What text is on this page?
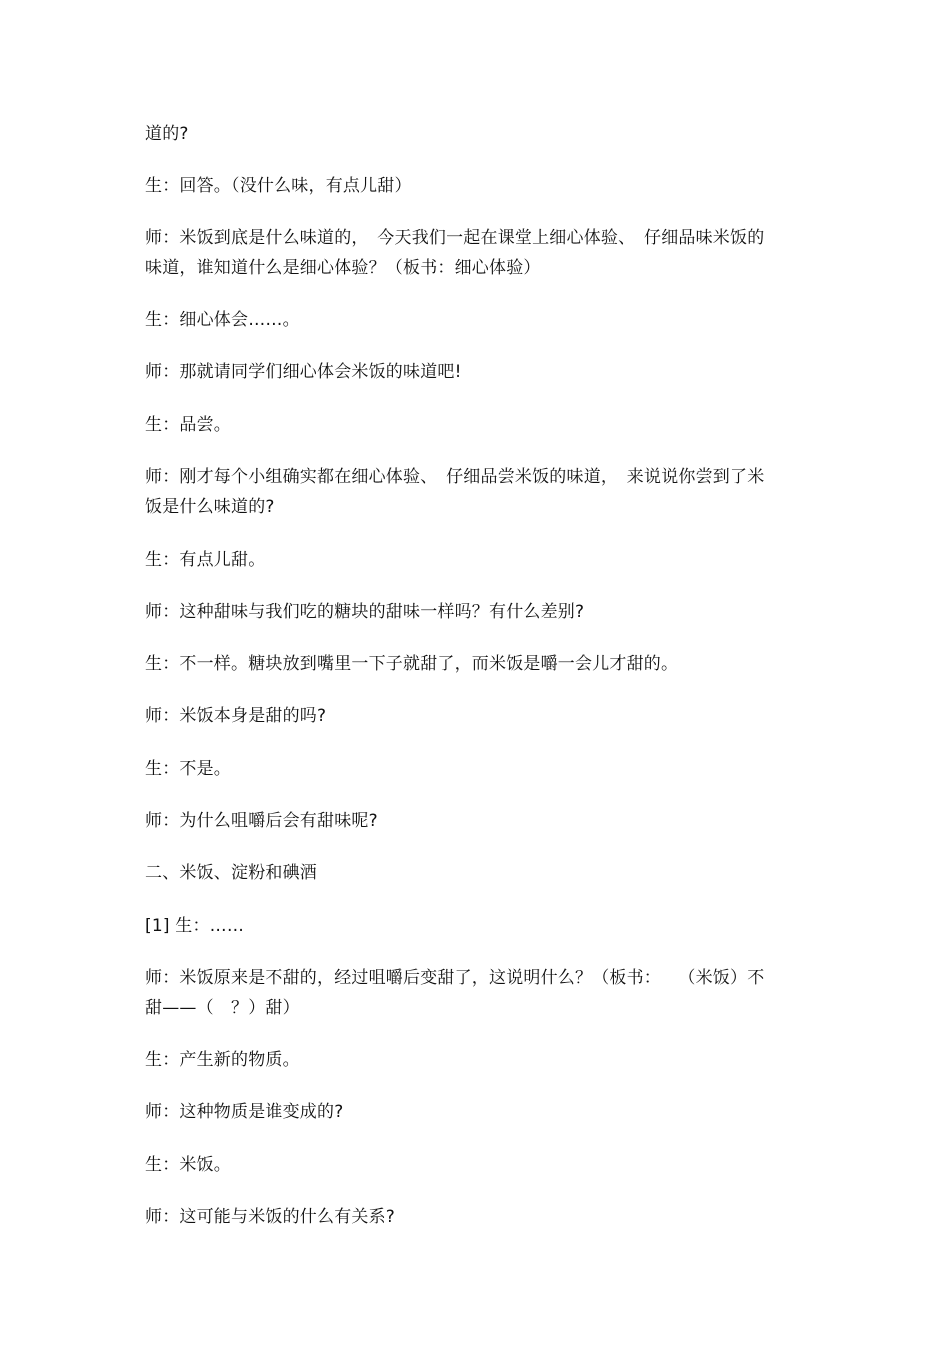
道的?
生：回答。（没什么味，有点儿甜）
师：米饭到底是什么味道的，　今天我们一起在课堂上细心体验、　仔细品味米饭的
味道，谁知道什么是细心体验？（板书：细心体验）
生：细心体会……。
师：那就请同学们细心体会米饭的味道吧!
生：品尝。
师：刚才每个小组确实都在细心体验、　仔细品尝米饭的味道，　来说说你尝到了米
饭是什么味道的?
生：有点儿甜。
师：这种甜味与我们吃的糖块的甜味一样吗？有什么差别?
生：不一样。糖块放到嘴里一下子就甜了，而米饭是嚼一会儿才甜的。
师：米饭本身是甜的吗?
生：不是。
师：为什么咀嚼后会有甜味呢?
二、米饭、淀粉和碘酒
[1] 生：……
师：米饭原来是不甜的，经过咀嚼后变甜了，这说明什么？（板书：　　（米饭）不
甜——（　？）甜）
生：产生新的物质。
师：这种物质是谁变成的?
生：米饭。
师：这可能与米饭的什么有关系?
